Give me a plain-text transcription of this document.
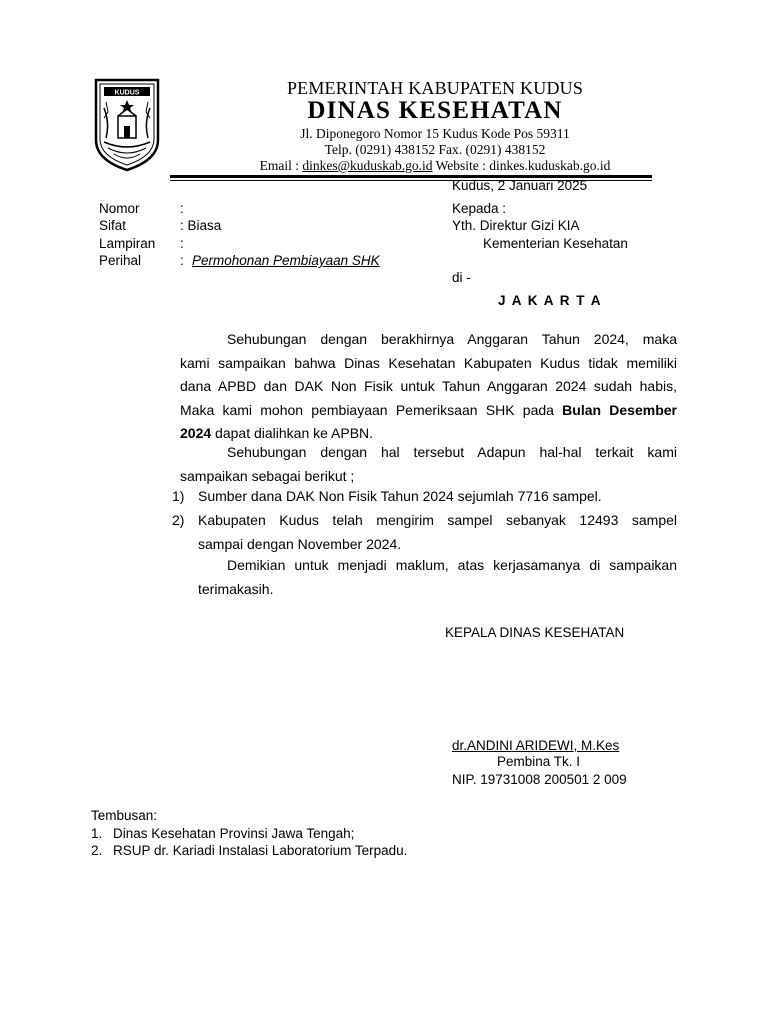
KUDUS	PEMERINTAH KABUPATEN KUDUS
DINAS KESEHATAN
Jl. Diponegoro Nomor 15 Kudus Kode Pos 59311
Telp. (0291) 438152 Fax. (0291) 438152
Email : dinkes@kuduskab.go.id Website : dinkes.kuduskab.go.id
Kudus, 2 Januari 2025
Nomor	:
Sifat	: Biasa
Lampiran :
Perihal	: Permohonan Pembiayaan SHK
Kepada :
Yth. Direktur Gizi KIA
Kementerian Kesehatan
di -
J A K A R T A

Sehubungan dengan berakhirnya Anggaran Tahun 2024, maka

kami sampaikan bahwa Dinas Kesehatan Kabupaten Kudus tidak memiliki

dana APBD dan DAK Non Fisik untuk Tahun Anggaran 2024 sudah habis,

Maka kami mohon pembiayaan Pemeriksaan SHK pada Bulan Desember

2024 dapat dialihkan ke APBN.

Sehubungan dengan hal tersebut Adapun hal-hal terkait kami

sampaikan sebagai berikut ;

1) Sumber dana DAK Non Fisik Tahun 2024 sejumlah 7716 sampel.

2) Kabupaten Kudus telah mengirim sampel sebanyak 12493 sampel

sampai dengan November 2024.

Demikian untuk menjadi maklum, atas kerjasamanya di sampaikan

terimakasih.

KEPALA DINAS KESEHATAN
dr.ANDINI ARIDEWI, M.Kes
Pembina Tk. I
NIP. 19731008 200501 2 009
Tembusan:
1. Dinas Kesehatan Provinsi Jawa Tengah;
2. RSUP dr. Kariadi Instalasi Laboratorium Terpadu.
